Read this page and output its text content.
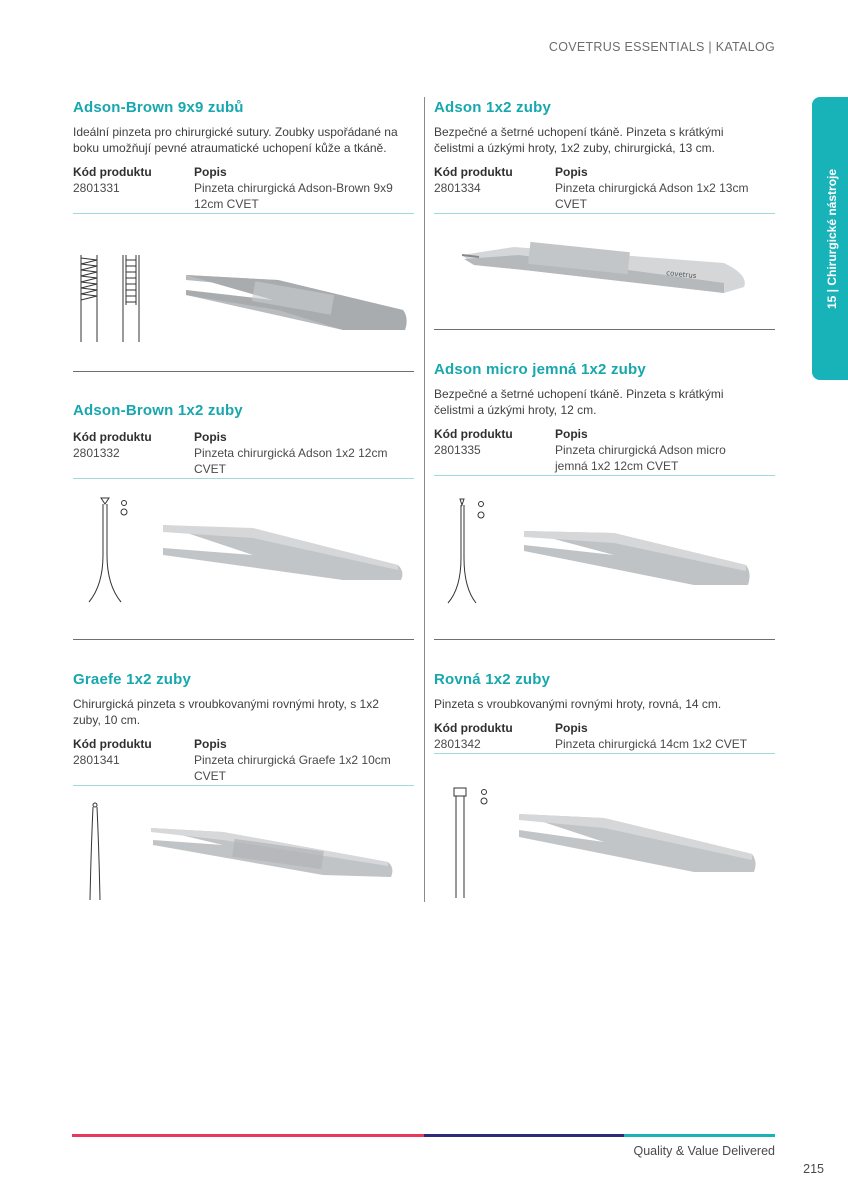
COVETRUS ESSENTIALS | KATALOG
15 | Chirurgické nástroje
Adson-Brown 9x9 zubů
Ideální pinzeta pro chirurgické sutury. Zoubky uspořádané na boku umožňují pevné atraumatické uchopení kůže a tkáně.
Kód produktu	Popis
2801331	Pinzeta chirurgická Adson-Brown 9x9 12cm CVET
Adson 1x2 zuby
Bezpečné a šetrné uchopení tkáně. Pinzeta s krátkými čelistmi a úzkými hroty, 1x2 zuby, chirurgická, 13 cm.
Kód produktu	Popis
2801334	Pinzeta chirurgická Adson 1x2 13cm CVET
covetrus
Adson-Brown 1x2 zuby
Kód produktu	Popis
2801332	Pinzeta chirurgická Adson 1x2 12cm CVET
Adson micro jemná 1x2 zuby
Bezpečné a šetrné uchopení tkáně. Pinzeta s krátkými čelistmi a úzkými hroty, 12 cm.
Kód produktu	Popis
2801335	Pinzeta chirurgická Adson micro jemná 1x2 12cm CVET
Graefe 1x2 zuby
Chirurgická pinzeta s vroubkovanými rovnými hroty, s 1x2 zuby, 10 cm.
Kód produktu	Popis
2801341	Pinzeta chirurgická Graefe 1x2 10cm CVET
Rovná 1x2 zuby
Pinzeta s vroubkovanými rovnými hroty, rovná, 14 cm.
Kód produktu	Popis
2801342	Pinzeta chirurgická 14cm 1x2 CVET
Quality & Value Delivered
215
